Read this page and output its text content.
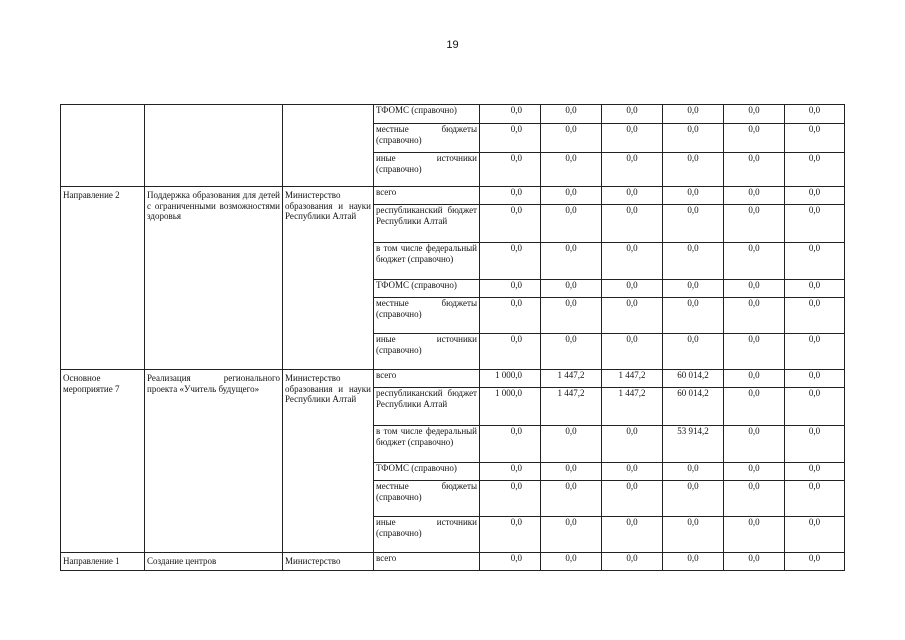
19
			ТФОМС (справочно)	0,0	0,0	0,0	0,0	0,0	0,0
			местные бюджеты (справочно)	0,0	0,0	0,0	0,0	0,0	0,0
			иные источники (справочно)	0,0	0,0	0,0	0,0	0,0	0,0
Направление 2	Поддержка образования для детей с ограниченными возможностями здоровья	Министерство образования и науки Республики Алтай	всего	0,0	0,0	0,0	0,0	0,0	0,0
			республиканский бюджет Республики Алтай	0,0	0,0	0,0	0,0	0,0	0,0
			в том числе федеральный бюджет (справочно)	0,0	0,0	0,0	0,0	0,0	0,0
			ТФОМС (справочно)	0,0	0,0	0,0	0,0	0,0	0,0
			местные бюджеты (справочно)	0,0	0,0	0,0	0,0	0,0	0,0
			иные источники (справочно)	0,0	0,0	0,0	0,0	0,0	0,0
Основное мероприятие 7	Реализация регионального проекта «Учитель будущего»	Министерство образования и науки Республики Алтай	всего	1 000,0	1 447,2	1 447,2	60 014,2	0,0	0,0
			республиканский бюджет Республики Алтай	1 000,0	1 447,2	1 447,2	60 014,2	0,0	0,0
			в том числе федеральный бюджет (справочно)	0,0	0,0	0,0	53 914,2	0,0	0,0
			ТФОМС (справочно)	0,0	0,0	0,0	0,0	0,0	0,0
			местные бюджеты (справочно)	0,0	0,0	0,0	0,0	0,0	0,0
			иные источники (справочно)	0,0	0,0	0,0	0,0	0,0	0,0
Направление 1	Создание центров	Министерство	всего	0,0	0,0	0,0	0,0	0,0	0,0
